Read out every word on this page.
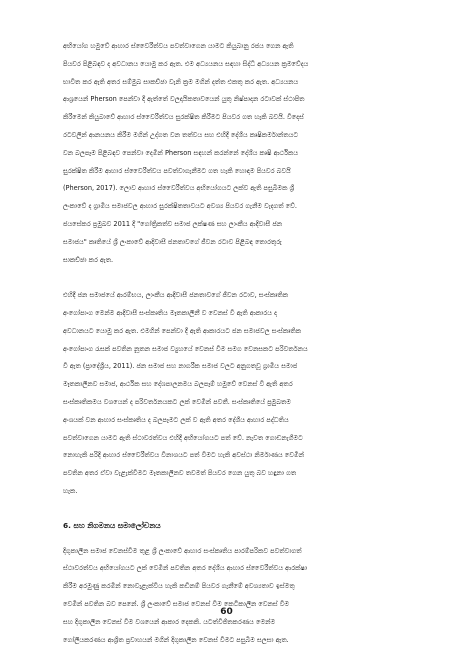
අභියෝග හමුවේ ආහාර ස්වෛරීත්වය පවත්වාගෙන යාමට කියුබානු රජය ගෙන ඇති

පියවර පිළිබඳව ද අවධානය යොමු කර ඇත. එම අධ්‍යයනය සඳහා සිද්ධි අධ්‍යයන ක්‍රමවේදය

භාවිත කර ඇති අතර සම්මුඛ සාකච්ඡා වැනි ක්‍රම මගින් දත්ත එකතු කර ඇත. අධ්‍යයනය

ආශ්‍රයෙන් Pherson පෙන්වා දී ඇත්තේ වලදායිකතාවයෙන් යුතු නිෂ්පාදන රටාවක් ස්ථාපිත

කිරීමෙන් කියුබාවේ ආහාර ස්වෛරීත්වය සුරක්ෂිත කිරීමට පියවර ගත හැකි බවයි. විදෙස්

රටවලින් ආනයනය කිරීම මගින් උද්ගත වන තත්වය සහ එහිදී දේශීය කෘෂිකර්මාන්තයට

වන බලපෑම පිළිබඳව පෙන්වා දෙමින් Pherson සඳහන් කරන්නේ දේශීය කෘෂි ආර්ථිකය

සුරක්ෂිත කිරීම ආහාර ස්වෛරීත්වය පවත්වාගැනීමට ගත හැකි හොඳම පියවර බවයි

(Pherson, 2017). ලොව ආහාර ස්වෛරීත්වය අභියෝගයට ලක්ව ඇති පසුබිමක ශ්‍රී

ලංකාවේ ද ග්‍රාමීය සමාජවල ආහාර සුරක්ෂිතතාවයට අවශ්‍ය පියවර ගැනීම වැදගත් වේ.

ජයසේකර ප්‍රමුඛව 2011 දී "ගෝත්‍රිකත්ව සමාජ ලක්ෂණ සහ ලාංකීය ආදිවාසී ජන

සමාජය" කෘතියේ ශ්‍රී ලංකාවේ ආදිවාසී ජනතාවගේ ජීවන රටාව පිළිබඳ තොරතුරු

සාකච්ඡා කර ඇත.

එහිදී ජන සමාජයේ ආරම්භය, ලාංකීය ආදිවාසී ජනතාවගේ ජීවන රටාව, සංස්කෘතික

අංගෝපාංග මෙන්ම ආදිවාසී සංස්කෘතිය මෑතකාලීනී ව වෙනස් වී ඇති ආකාරය ද

අවධානයට යොමු කර ඇත. එමගින් පෙන්වා දී ඇති ආකාරයට ජන සමාජවල සංස්කෘතික

අංගෝපාංග රැසක් පවතින නූතන සමාජ ව්‍යුහයේ වෙනස් වීම සමග වෙනසකට පරිවර්තනය

වී ඇත (ප්‍රාදේශ්‍රීය, 2011). ජන සමාජ සහ නාගරීක සමාජ වලට අනුගතවූ ග්‍රාමීය සමාජ

මෑතකාලීනව සමාජ, ආර්ථික සහ දේශපාලනමය බලපෑම් හමුවේ වෙනස් වී ඇති අතර

සංස්කෘතිකමය වශයෙන් ද පරිවර්තනයකට ලක් වෙමින් පවතී. සංස්කෘතියේ ප්‍රමුඛතම

අංශයක් වන ආහාර සංස්කෘතිය ද බලපෑමට ලක් ව ඇති අතර දේශීය ආහාර පද්ධතිය

පවත්වාගෙන යාමට ඇති ස්ථාවරත්වය එහිදී අභියෝගයට පත් වේ. නැවත ගොඩනැගීමට

නොහැකි පරිදි ආහාර ස්වෛරීත්වය විනාශයට පත් වීමට හැකි අවස්ථා නිර්මාණය වෙමින්

පවතින අතර ඒවා වැළැක්වීමට මෑතකාලීනව තවමත් පියවර ගෙන යුතු බව හඳුනා ගත

හැක.

6. සහ නිගමනය සමාලෝචනය

දිගුකාලීන සමාජ වෙනස්වීම තුළ ශ්‍රී ලංකාවේ ආහාර සංස්කෘතිය පාරම්පරිකව පවත්වාගත්

ස්ථාවරත්වය අභියෝගයට ලක් වෙමින් පවතින අතර දේශීය ආහාර ස්වෛරීත්වය ආරක්ෂා

කිරීම අරමුණු කරමින් නොවැළැක්විය හැකි කඩිනම් පියවර ගැනීමේ අවශ්‍යතාව ඉස්මතු

වෙමින් පවතින බව පෙනේ. ශ්‍රී ලංකාවේ සමාජ වෙනස් වීම කෙටිකාලීන වෙනස් වීම

සහ දිගුකාලීන වෙනස් වීම වශයෙන් ආකාර දෙකකි. යටත්විජිතකරණය මෙන්ම

ගෝලීයකරණය ආශ්‍රිත ප්‍රවාහයන් මගින් දිගුකාලීන වෙනස් වීමට පසුබිම සලසා ඇත.

60
